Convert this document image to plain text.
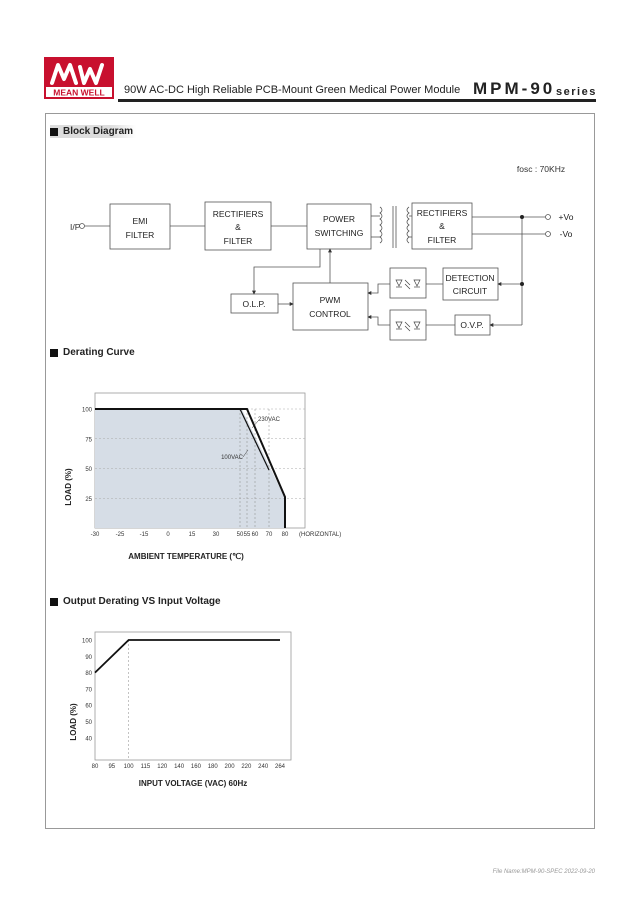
MEAN WELL 90W AC-DC High Reliable PCB-Mount Green Medical Power Module MPM-90 series
Block Diagram
Derating Curve
Output Derating VS Input Voltage
fosc : 70KHz
I/P
EMI
FILTER
RECTIFIERS
&
FILTER
POWER
SWITCHING
RECTIFIERS
&
FILTER
+Vo
-Vo
O.L.P.	PWM
CONTROL
DETECTION
CIRCUIT
O.V.P.
100
75
50
25
-30	-25	-15	0	15	30	50 55 60 70 80 (HORIZONTAL)
230VAC
100VAC
LOAD (%)
AMBIENT TEMPERATURE (℃)
100
90
80
70
60
50
40
80 95 100 115 120 140 160 180 200 220 240 264
LOAD (%)
INPUT VOLTAGE (VAC) 60Hz
File Name:MPM-90-SPEC 2022-09-20
